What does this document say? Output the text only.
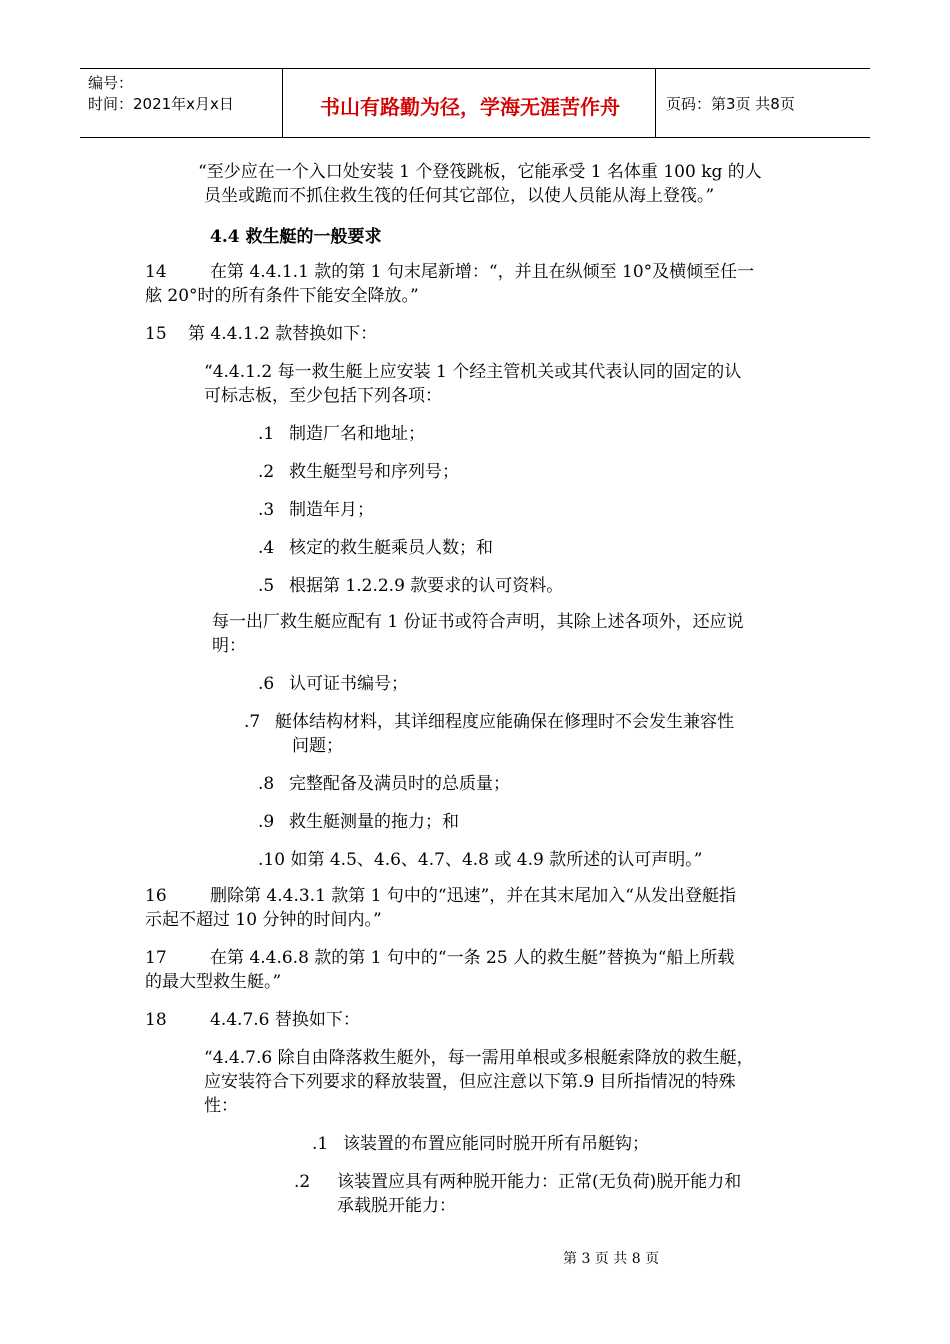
编号：
时间：2021年x月x日	书山有路勤为径，学海无涯苦作舟	页码：第3页 共8页
“至少应在一个入口处安装 1 个登筏跳板，它能承受 1 名体重 100 kg 的人
员坐或跪而不抓住救生筏的任何其它部位，以使人员能从海上登筏。”
4.4 救生艇的一般要求
14	在第 4.4.1.1 款的第 1 句末尾新增：“，并且在纵倾至 10°及横倾至任一
舷 20°时的所有条件下能安全降放。”
15 第 4.4.1.2 款替换如下：
“4.4.1.2 每一救生艇上应安装 1 个经主管机关或其代表认同的固定的认
可标志板，至少包括下列各项：
.1 制造厂名和地址；
.2 救生艇型号和序列号；
.3 制造年月；
.4 核定的救生艇乘员人数；和
.5 根据第 1.2.2.9 款要求的认可资料。
每一出厂救生艇应配有 1 份证书或符合声明，其除上述各项外，还应说
明：
.6 认可证书编号；
.7 艇体结构材料，其详细程度应能确保在修理时不会发生兼容性
问题；
.8 完整配备及满员时的总质量；
.9 救生艇测量的拖力；和
.10 如第 4.5、4.6、4.7、4.8 或 4.9 款所述的认可声明。”
16	删除第 4.4.3.1 款第 1 句中的“迅速”，并在其末尾加入“从发出登艇指
示起不超过 10 分钟的时间内。”
17	在第 4.4.6.8 款的第 1 句中的“一条 25 人的救生艇”替换为“船上所载
的最大型救生艇。”
18	4.4.7.6 替换如下：
“4.4.7.6 除自由降落救生艇外，每一需用单根或多根艇索降放的救生艇，
应安装符合下列要求的释放装置，但应注意以下第.9 目所指情况的特殊
性：
.1 该装置的布置应能同时脱开所有吊艇钩；
.2 该装置应具有两种脱开能力：正常(无负荷)脱开能力和
承载脱开能力：
第 3 页 共 8 页
